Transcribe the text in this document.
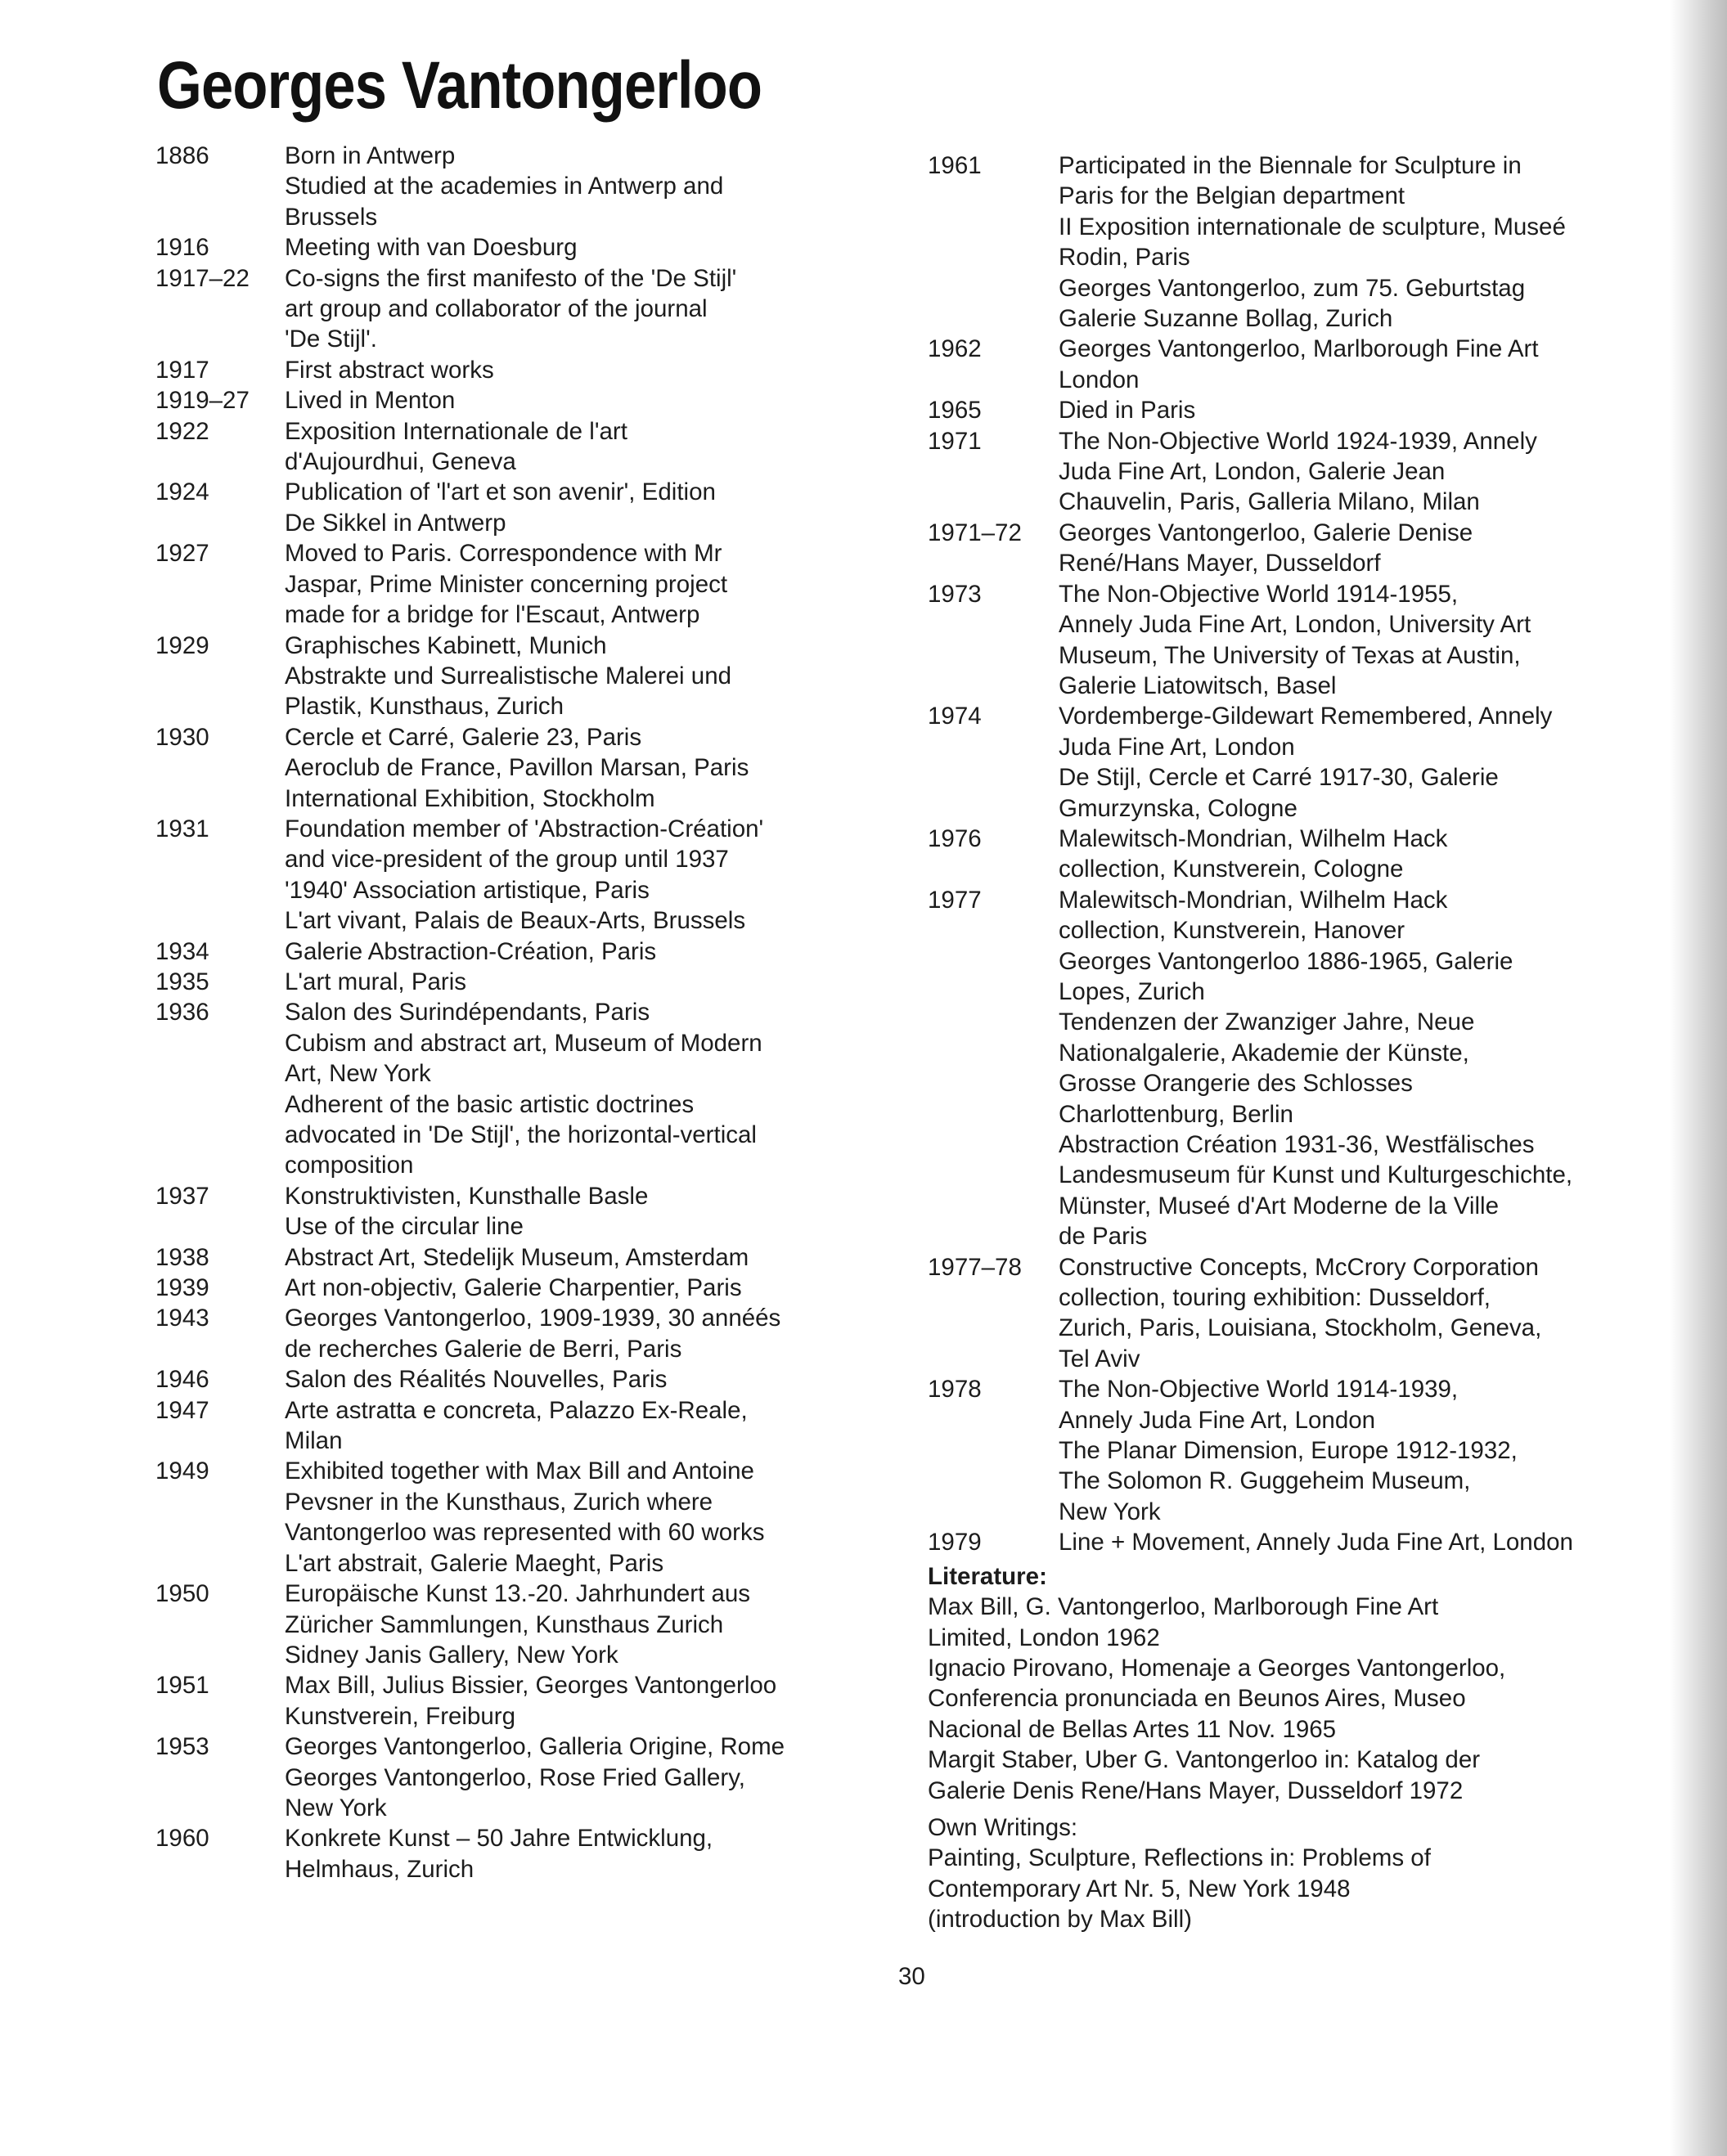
Georges Vantongerloo
1886	Born in Antwerp
Studied at the academies in Antwerp and
Brussels
1916	Meeting with van Doesburg
1917–22	Co-signs the first manifesto of the 'De Stijl'
art group and collaborator of the journal
'De Stijl'.
1917	First abstract works
1919–27	Lived in Menton
1922	Exposition Internationale de l'art
d'Aujourdhui, Geneva
1924	Publication of 'l'art et son avenir', Edition
De Sikkel in Antwerp
1927	Moved to Paris. Correspondence with Mr
Jaspar, Prime Minister concerning project
made for a bridge for l'Escaut, Antwerp
1929	Graphisches Kabinett, Munich
Abstrakte und Surrealistische Malerei und
Plastik, Kunsthaus, Zurich
1930	Cercle et Carré, Galerie 23, Paris
Aeroclub de France, Pavillon Marsan, Paris
International Exhibition, Stockholm
1931	Foundation member of 'Abstraction-Création'
and vice-president of the group until 1937
'1940' Association artistique, Paris
L'art vivant, Palais de Beaux-Arts, Brussels
1934	Galerie Abstraction-Création, Paris
1935	L'art mural, Paris
1936	Salon des Surindépendants, Paris
Cubism and abstract art, Museum of Modern
Art, New York
Adherent of the basic artistic doctrines
advocated in 'De Stijl', the horizontal-vertical
composition
1937	Konstruktivisten, Kunsthalle Basle
Use of the circular line
1938	Abstract Art, Stedelijk Museum, Amsterdam
1939	Art non-objectiv, Galerie Charpentier, Paris
1943	Georges Vantongerloo, 1909-1939, 30 annéés
de recherches Galerie de Berri, Paris
1946	Salon des Réalités Nouvelles, Paris
1947	Arte astratta e concreta, Palazzo Ex-Reale,
Milan
1949	Exhibited together with Max Bill and Antoine
Pevsner in the Kunsthaus, Zurich where
Vantongerloo was represented with 60 works
L'art abstrait, Galerie Maeght, Paris
1950	Europäische Kunst 13.-20. Jahrhundert aus
Züricher Sammlungen, Kunsthaus Zurich
Sidney Janis Gallery, New York
1951	Max Bill, Julius Bissier, Georges Vantongerloo
Kunstverein, Freiburg
1953	Georges Vantongerloo, Galleria Origine, Rome
Georges Vantongerloo, Rose Fried Gallery,
New York
1960	Konkrete Kunst – 50 Jahre Entwicklung,
Helmhaus, Zurich
1961	Participated in the Biennale for Sculpture in
Paris for the Belgian department
II Exposition internationale de sculpture, Museé
Rodin, Paris
Georges Vantongerloo, zum 75. Geburtstag
Galerie Suzanne Bollag, Zurich
1962	Georges Vantongerloo, Marlborough Fine Art
London
1965	Died in Paris
1971	The Non-Objective World 1924-1939, Annely
Juda Fine Art, London, Galerie Jean
Chauvelin, Paris, Galleria Milano, Milan
1971–72	Georges Vantongerloo, Galerie Denise
René/Hans Mayer, Dusseldorf
1973	The Non-Objective World 1914-1955,
Annely Juda Fine Art, London, University Art
Museum, The University of Texas at Austin,
Galerie Liatowitsch, Basel
1974	Vordemberge-Gildewart Remembered, Annely
Juda Fine Art, London
De Stijl, Cercle et Carré 1917-30, Galerie
Gmurzynska, Cologne
1976	Malewitsch-Mondrian, Wilhelm Hack
collection, Kunstverein, Cologne
1977	Malewitsch-Mondrian, Wilhelm Hack
collection, Kunstverein, Hanover
Georges Vantongerloo 1886-1965, Galerie
Lopes, Zurich
Tendenzen der Zwanziger Jahre, Neue
Nationalgalerie, Akademie der Künste,
Grosse Orangerie des Schlosses
Charlottenburg, Berlin
Abstraction Création 1931-36, Westfälisches
Landesmuseum für Kunst und Kulturgeschichte,
Münster, Museé d'Art Moderne de la Ville
de Paris
1977–78	Constructive Concepts, McCrory Corporation
collection, touring exhibition: Dusseldorf,
Zurich, Paris, Louisiana, Stockholm, Geneva,
Tel Aviv
1978	The Non-Objective World 1914-1939,
Annely Juda Fine Art, London
The Planar Dimension, Europe 1912-1932,
The Solomon R. Guggeheim Museum,
New York
1979	Line + Movement, Annely Juda Fine Art, London
Literature:
Max Bill, G. Vantongerloo, Marlborough Fine Art
Limited, London 1962
Ignacio Pirovano, Homenaje a Georges Vantongerloo,
Conferencia pronunciada en Beunos Aires, Museo
Nacional de Bellas Artes 11 Nov. 1965
Margit Staber, Uber G. Vantongerloo in: Katalog der
Galerie Denis Rene/Hans Mayer, Dusseldorf 1972
Own Writings:
Painting, Sculpture, Reflections in: Problems of
Contemporary Art Nr. 5, New York 1948
(introduction by Max Bill)
30
